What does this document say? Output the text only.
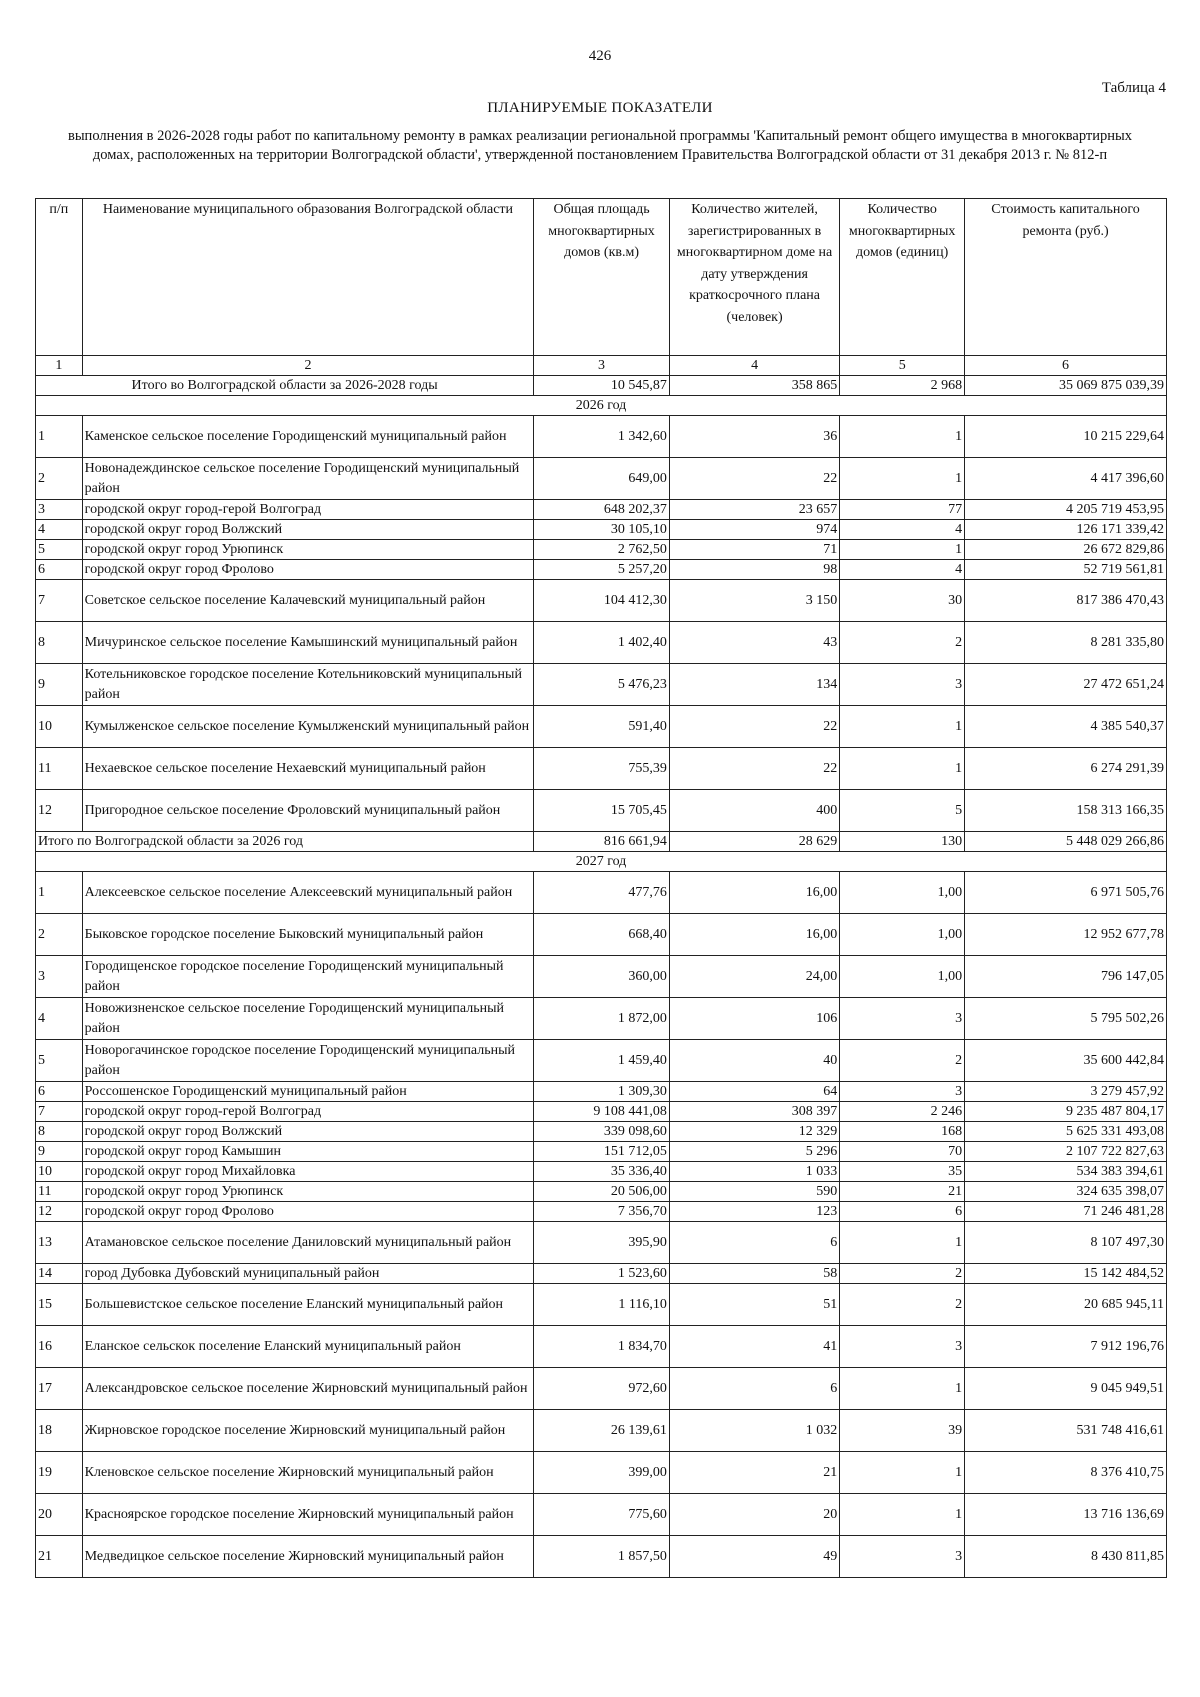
426
Таблица 4
ПЛАНИРУЕМЫЕ ПОКАЗАТЕЛИ
выполнения в 2026-2028 годы работ по капитальному ремонту в рамках реализации региональной программы 'Капитальный ремонт общего имущества в многоквартирных домах, расположенных на территории Волгоградской области', утвержденной постановлением Правительства Волгоградской области от 31 декабря 2013 г. № 812-п
п/п	Наименование муниципального образования Волгоградской области	Общая площадь многоквартирных домов (кв.м)	Количество жителей, зарегистрированных в многоквартирном доме на дату утверждения краткосрочного плана (человек)	Количество многоквартирных домов (единиц)	Стоимость капитального ремонта (руб.)
1	2	3	4	5	6
Итого во Волгоградской области за 2026-2028 годы		10 545,87	358 865	2 968	35 069 875 039,39
2026 год					
1	Каменское сельское поселение Городищенский муниципальный район	1 342,60	36	1	10 215 229,64
2	Новонадеждинское сельское поселение Городищенский муниципальный район	649,00	22	1	4 417 396,60
3	городской округ город-герой Волгоград	648 202,37	23 657	77	4 205 719 453,95
4	городской округ город Волжский	30 105,10	974	4	126 171 339,42
5	городской округ город Урюпинск	2 762,50	71	1	26 672 829,86
6	городской округ город Фролово	5 257,20	98	4	52 719 561,81
7	Советское сельское поселение Калачевский муниципальный район	104 412,30	3 150	30	817 386 470,43
8	Мичуринское сельское поселение Камышинский муниципальный район	1 402,40	43	2	8 281 335,80
9	Котельниковское городское поселение Котельниковский муниципальный район	5 476,23	134	3	27 472 651,24
10	Кумылженское сельское поселение Кумылженский муниципальный район	591,40	22	1	4 385 540,37
11	Нехаевское сельское поселение Нехаевский муниципальный район	755,39	22	1	6 274 291,39
12	Пригородное сельское поселение Фроловский муниципальный район	15 705,45	400	5	158 313 166,35
Итого по Волгоградской области за 2026 год		816 661,94	28 629	130	5 448 029 266,86
2027 год					
1	Алексеевское сельское поселение Алексеевский муниципальный район	477,76	16,00	1,00	6 971 505,76
2	Быковское городское поселение Быковский муниципальный район	668,40	16,00	1,00	12 952 677,78
3	Городищенское городское поселение Городищенский муниципальный район	360,00	24,00	1,00	796 147,05
4	Новожизненское сельское поселение Городищенский муниципальный район	1 872,00	106	3	5 795 502,26
5	Новорогачинское городское поселение Городищенский муниципальный район	1 459,40	40	2	35 600 442,84
6	Россошенское Городищенский муниципальный район	1 309,30	64	3	3 279 457,92
7	городской округ город-герой Волгоград	9 108 441,08	308 397	2 246	9 235 487 804,17
8	городской округ город Волжский	339 098,60	12 329	168	5 625 331 493,08
9	городской округ город Камышин	151 712,05	5 296	70	2 107 722 827,63
10	городской округ город Михайловка	35 336,40	1 033	35	534 383 394,61
11	городской округ город Урюпинск	20 506,00	590	21	324 635 398,07
12	городской округ город Фролово	7 356,70	123	6	71 246 481,28
13	Атамановское сельское поселение Даниловский муниципальный район	395,90	6	1	8 107 497,30
14	город Дубовка Дубовский муниципальный район	1 523,60	58	2	15 142 484,52
15	Большевистское сельское поселение Еланский муниципальный район	1 116,10	51	2	20 685 945,11
16	Еланское сельскок поселение Еланский муниципальный район	1 834,70	41	3	7 912 196,76
17	Александровское сельское поселение Жирновский муниципальный район	972,60	6	1	9 045 949,51
18	Жирновское городское поселение Жирновский муниципальный район	26 139,61	1 032	39	531 748 416,61
19	Кленовское сельское поселение Жирновский муниципальный район	399,00	21	1	8 376 410,75
20	Красноярское городское поселение Жирновский муниципальный район	775,60	20	1	13 716 136,69
21	Медведицкое сельское поселение Жирновский муниципальный район	1 857,50	49	3	8 430 811,85
